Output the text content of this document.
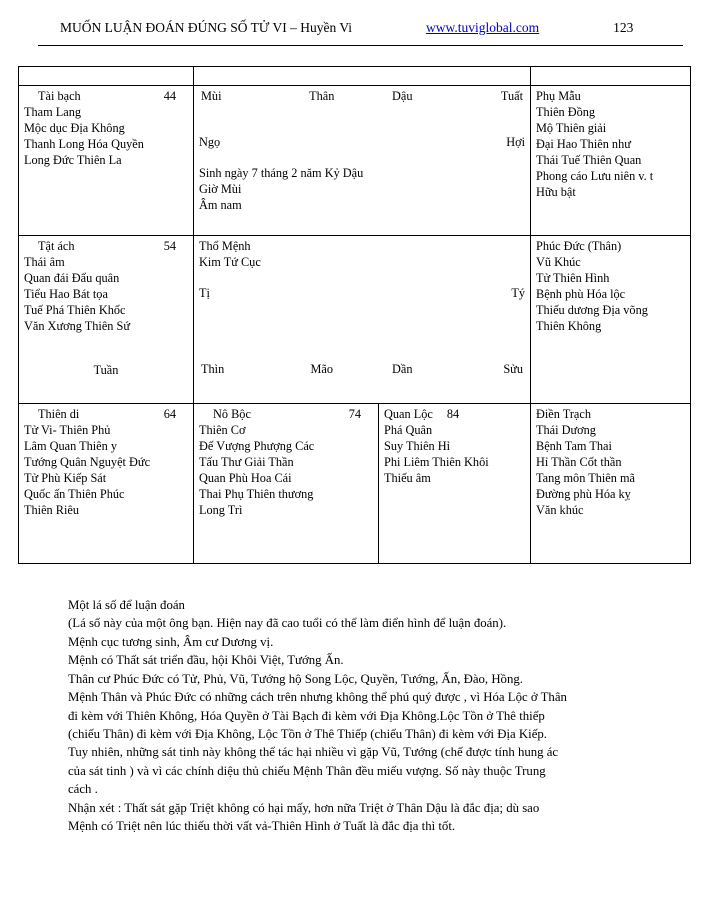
MUỐN LUẬN ĐOÁN ĐÚNG SỐ TỬ VI – Huyền Vi	www.tuviglobal.com	123

Tài bạch	44
Tham Lang
Mộc dục Địa Không
Thanh Long Hóa Quyền
Long Đức Thiên La

Mùi	Thân	Dậu	Tuất
Ngọ	Hợi
Sinh ngày 7 tháng 2 năm Kỷ Dậu
Giờ Mùi
Âm nam

Phụ Mẫu
Thiên Đồng
Mộ Thiên giải
Đại Hao Thiên như
Thái Tuế Thiên Quan
Phong cáo Lưu niên v. t
Hữu bật

Tật ách	54
Thái âm
Quan đái Đẩu quân
Tiểu Hao Bát tọa
Tuế Phá Thiên Khốc
Văn Xương Thiên Sứ
Tuần

Thổ Mệnh
Kim Tứ Cục
Tị	Tý
Thìn	Mão	Dần	Sửu

Phúc Đức (Thân)
Vũ Khúc
Tử Thiên Hình
Bệnh phù Hóa lộc
Thiếu dương Địa võng
Thiên Không

Thiên di	64
Tử Vi- Thiên Phủ
Lâm Quan Thiên y
Tướng Quân Nguyệt Đức
Tử Phù Kiếp Sát
Quốc ấn Thiên Phúc
Thiên Riêu

Nô Bộc	74
Thiên Cơ
Đế Vượng Phượng Các
Tấu Thư Giải Thần
Quan Phù Hoa Cái
Thai Phụ Thiên thương
Long Trì

Quan Lộc 84
Phá Quân
Suy Thiên Hỉ
Phi Liêm Thiên Khôi
Thiếu âm

Điền Trạch
Thái Dương
Bệnh Tam Thai
Hỉ Thần Cốt thần
Tang môn Thiên mã
Đường phù Hóa kỵ
Văn khúc

Một lá số để luận đoán

(Lá số này của một ông bạn. Hiện nay đã cao tuổi có thể làm điển hình để luận đoán).

Mệnh cục tương sinh, Âm cư Dương vị.

Mệnh có Thất sát triển đầu, hội Khôi Việt, Tướng Ấn.

Thân cư Phúc Đức có Tử, Phủ, Vũ, Tướng hộ Song Lộc, Quyền, Tướng, Ấn, Đào, Hồng.

Mệnh Thân và Phúc Đức có những cách trên nhưng không thể phú quý được , vì Hóa Lộc ở Thân

đi kèm với Thiên Không, Hóa Quyền ở Tài Bạch đi kèm với Địa Không.Lộc Tồn ở Thê thiếp

(chiếu Thân) đi kèm với Địa Không, Lộc Tồn ở Thê Thiếp (chiếu Thân) đi kèm với Địa Kiếp.

Tuy nhiên, những sát tinh này không thể tác hại nhiều vì gặp Vũ, Tướng (chế được tính hung ác

của sát tinh ) và vì các chính diệu thủ chiếu Mệnh Thân đều miếu vượng. Số này thuộc Trung

cách .

Nhận xét : Thất sát gặp Triệt không có hại mấy, hơn nữa Triệt ở Thân Dậu là đắc địa; dù sao

Mệnh có Triệt nên lúc thiếu thời vất vả-Thiên Hình ở Tuất là đắc địa thì tốt.
